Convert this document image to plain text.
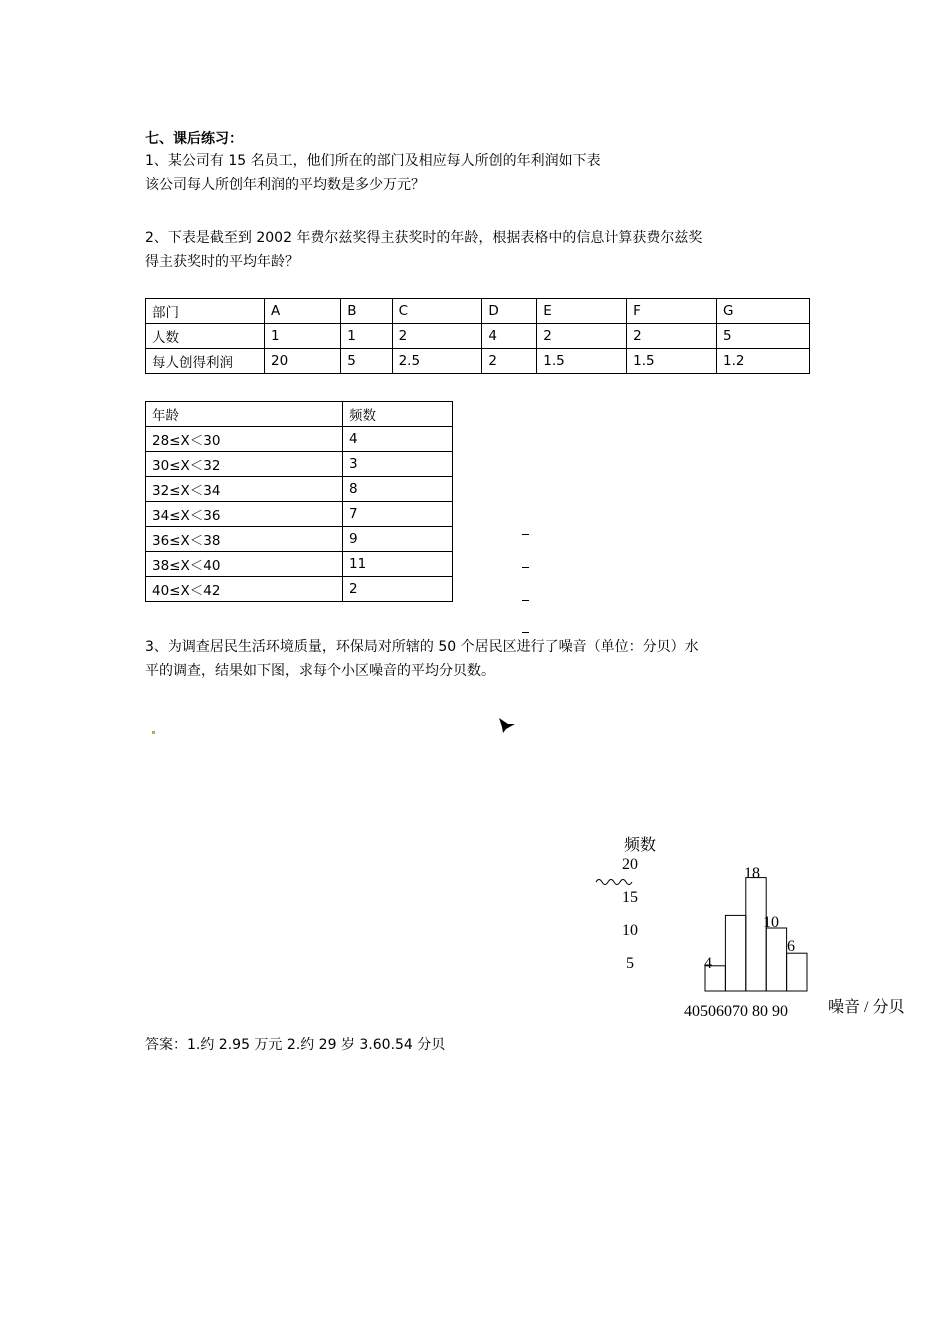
七、课后练习：
1、某公司有 15 名员工，他们所在的部门及相应每人所创的年利润如下表
该公司每人所创年利润的平均数是多少万元？
2、下表是截至到 2002 年费尔兹奖得主获奖时的年龄，根据表格中的信息计算获费尔兹奖
得主获奖时的平均年龄？
部门	A	B	C	D	E	F	G
人数	1	1	2	4	2	2	5
每人创得利润	20	5	2.5	2	1.5	1.5	1.2
年龄	频数
28≤X＜30	4
30≤X＜32	3
32≤X＜34	8
34≤X＜36	7
36≤X＜38	9
38≤X＜40	11
40≤X＜42	2
3、为调查居民生活环境质量，环保局对所辖的 50 个居民区进行了噪音（单位：分贝）水
平的调查，结果如下图，求每个小区噪音的平均分贝数。
频数
20
15
10
5	4
18
10
6
40506070 80 90	噪音 / 分贝
答案：1.约 2.95 万元 2.约 29 岁 3.60.54 分贝
